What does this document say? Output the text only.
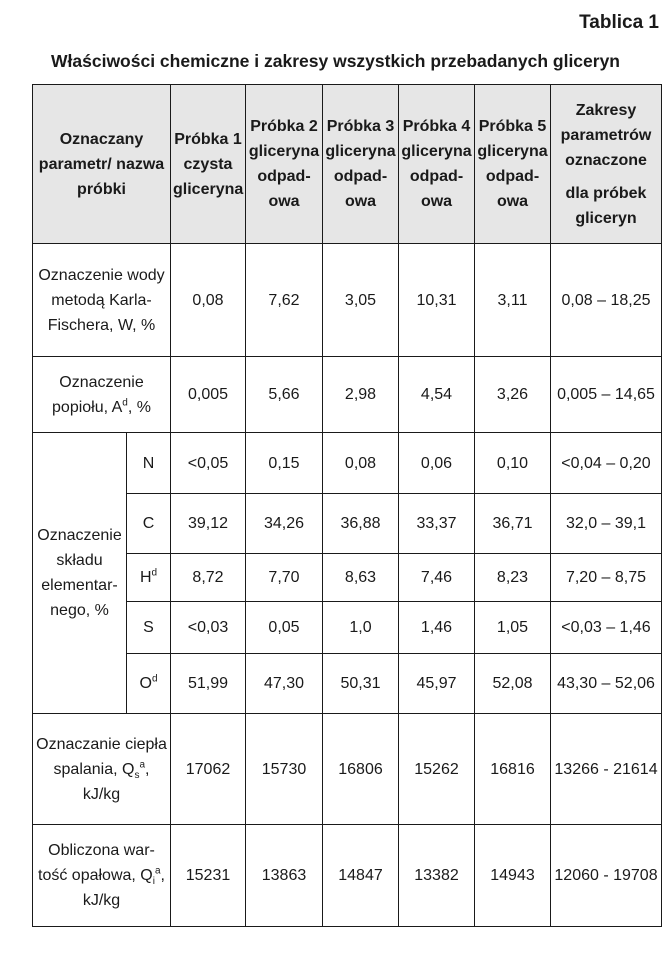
Tablica 1
Właściwości chemiczne i zakresy wszystkich przebadanych gliceryn
Oznaczany parametr/ nazwa próbki		Próbka 1 czysta gliceryna	Próbka 2 gliceryna odpad- owa	Próbka 3 gliceryna odpad- owa	Próbka 4 gliceryna odpad- owa	Próbka 5 gliceryna odpad- owa	Zakresy parametrów oznaczone
dla próbek gliceryn

Oznaczenie wody metodą Karla- Fischera, W, %		0,08	7,62	3,05	10,31	3,11	0,08 – 18,25
Oznaczenie popiołu, $A^d$, %		0,005	5,66	2,98	4,54	3,26	0,005 – 14,65
Oznaczenie składu elementar- nego, %	N	<0,05	0,15	0,08	0,06	0,10	<0,04 – 0,20
	C	39,12	34,26	36,88	33,37	36,71	32,0 – 39,1
	$H^d$	8,72	7,70	8,63	7,46	8,23	7,20 – 8,75
	S	<0,03	0,05	1,0	1,46	1,05	<0,03 – 1,46
	$O^d$	51,99	47,30	50,31	45,97	52,08	43,30 – 52,06
Oznaczanie ciepła spalania, $Q_s^a$, kJ/kg		17062	15730	16806	15262	16816	13266 - 21614
Obliczona war- tość opałowa, $Q_i^a$, kJ/kg		15231	13863	14847	13382	14943	12060 - 19708
